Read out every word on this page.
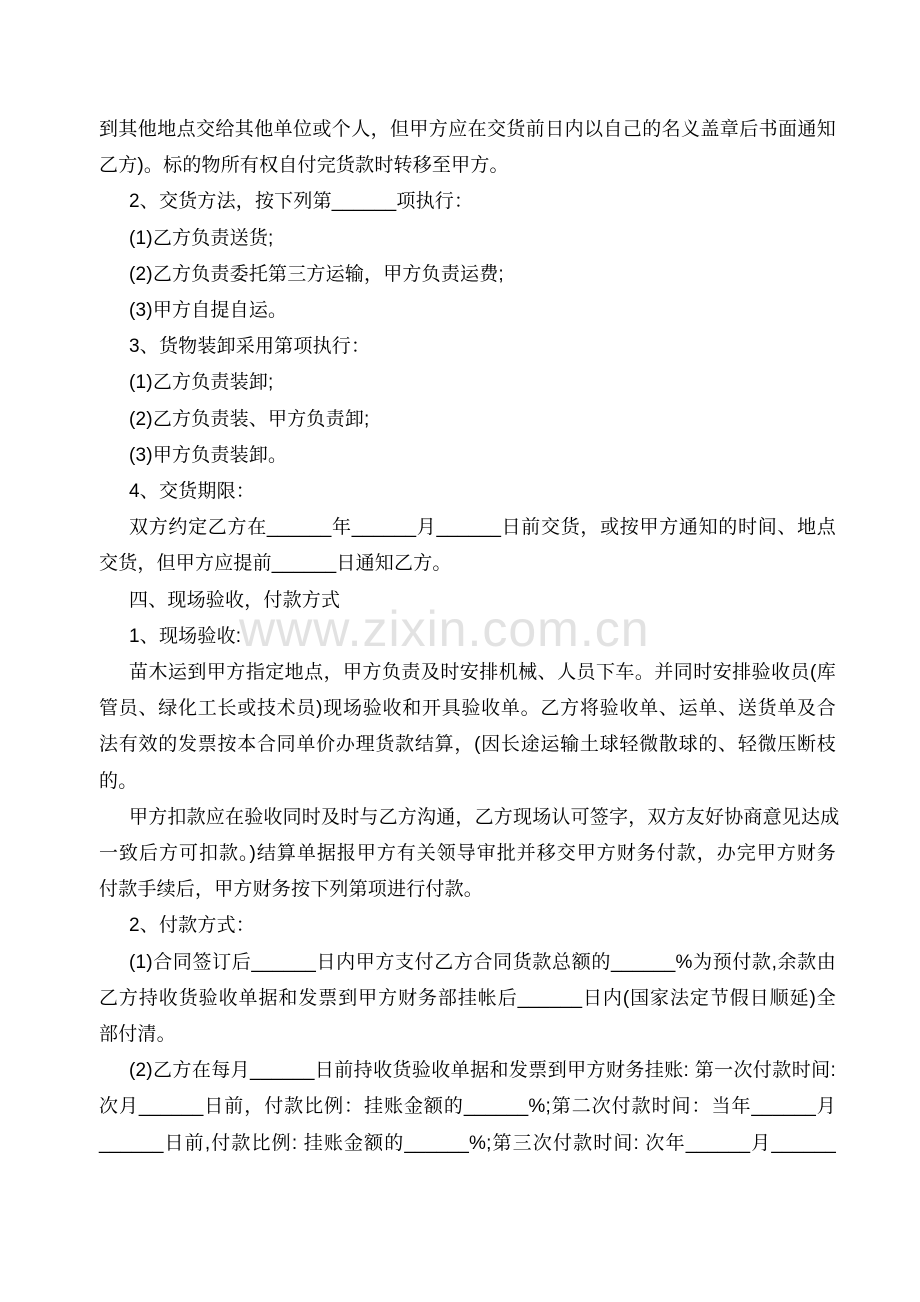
www.zixin.com.cn
到其他地点交给其他单位或个人，但甲方应在交货前日内以自己的名义盖章后书面通知
乙方)。标的物所有权自付完货款时转移至甲方。
2、交货方法，按下列第______项执行：
(1)乙方负责送货;
(2)乙方负责委托第三方运输，甲方负责运费;
(3)甲方自提自运。
3、货物装卸采用第项执行：
(1)乙方负责装卸;
(2)乙方负责装、甲方负责卸;
(3)甲方负责装卸。
4、交货期限：
双方约定乙方在______年______月______日前交货，或按甲方通知的时间、地点
交货，但甲方应提前______日通知乙方。
四、现场验收，付款方式
1、现场验收:
苗木运到甲方指定地点，甲方负责及时安排机械、人员下车。并同时安排验收员(库
管员、绿化工长或技术员)现场验收和开具验收单。乙方将验收单、运单、送货单及合
法有效的发票按本合同单价办理货款结算，(因长途运输土球轻微散球的、轻微压断枝
的。
甲方扣款应在验收同时及时与乙方沟通，乙方现场认可签字，双方友好协商意见达成
一致后方可扣款。)结算单据报甲方有关领导审批并移交甲方财务付款，办完甲方财务
付款手续后，甲方财务按下列第项进行付款。
2、付款方式：
(1)合同签订后______日内甲方支付乙方合同货款总额的______%为预付款,余款由
乙方持收货验收单据和发票到甲方财务部挂帐后______日内(国家法定节假日顺延)全
部付清。
(2)乙方在每月______日前持收货验收单据和发票到甲方财务挂账: 第一次付款时间:
次月______日前，付款比例：挂账金额的______%;第二次付款时间：当年______月
______日前,付款比例: 挂账金额的______%;第三次付款时间: 次年______月______
